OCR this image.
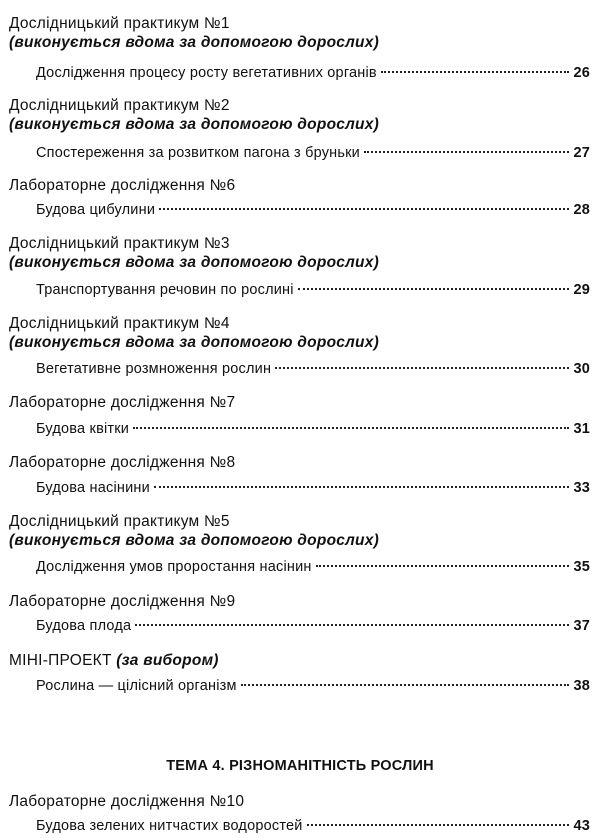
Дослідницький практикум №1
(виконується вдома за допомогою дорослих)
Дослідження процесу росту вегетативних органів	26
Дослідницький практикум №2
(виконується вдома за допомогою дорослих)
Спостереження за розвитком пагона з бруньки	27
Лабораторне дослідження №6
Будова цибулини	28
Дослідницький практикум №3
(виконується вдома за допомогою дорослих)
Транспортування речовин по рослині	29
Дослідницький практикум №4
(виконується вдома за допомогою дорослих)
Вегетативне розмноження рослин	30
Лабораторне дослідження №7
Будова квітки	31
Лабораторне дослідження №8
Будова насінини	33
Дослідницький практикум №5
(виконується вдома за допомогою дорослих)
Дослідження умов проростання насінин	35
Лабораторне дослідження №9
Будова плода	37
МІНІ-ПРОЕКТ (за вибором)
Рослина — цілісний організм	38
ТЕМА 4. РІЗНОМАНІТНІСТЬ РОСЛИН
Лабораторне дослідження №10
Будова зелених нитчастих водоростей	43
